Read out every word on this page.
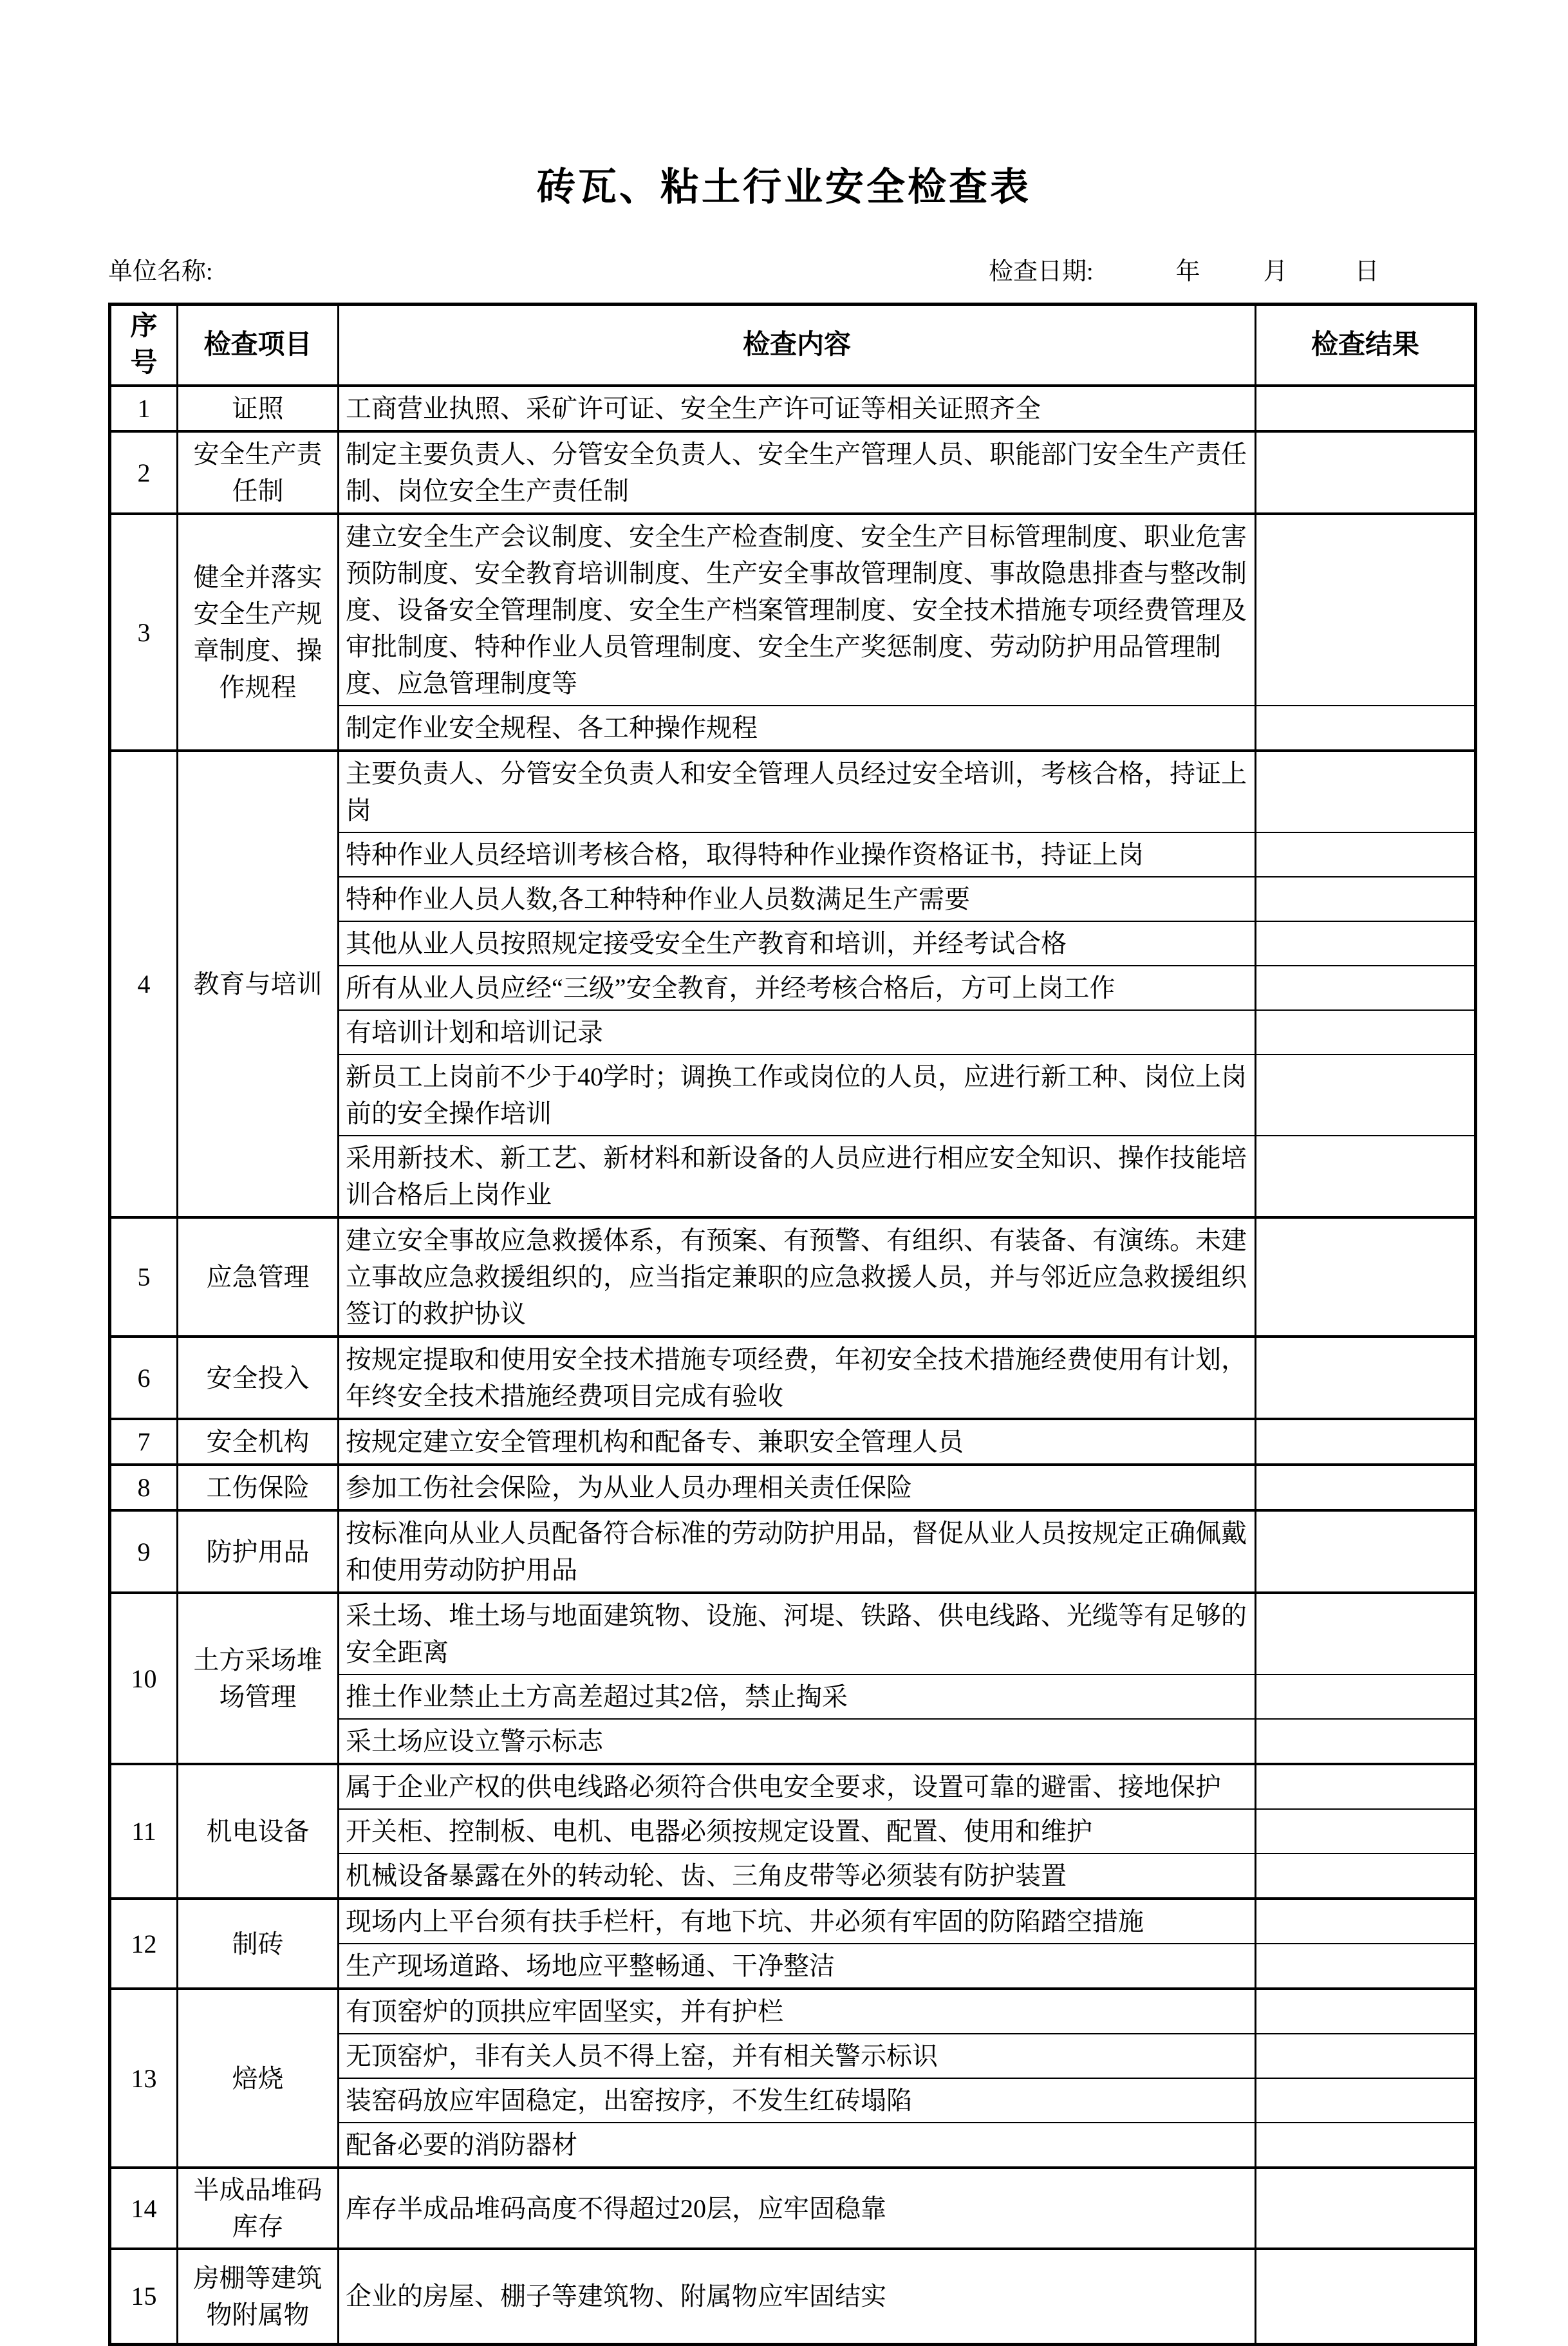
砖瓦、粘土行业安全检查表
单位名称:	检查日期:	年	月	日
序号	检查项目	检查内容	检查结果
1	证照	工商营业执照、采矿许可证、安全生产许可证等相关证照齐全	
2	安全生产责任制	制定主要负责人、分管安全负责人、安全生产管理人员、职能部门安全生产责任制、岗位安全生产责任制	
3	健全并落实安全生产规章制度、操作规程	建立安全生产会议制度、安全生产检查制度、安全生产目标管理制度、职业危害预防制度、安全教育培训制度、生产安全事故管理制度、事故隐患排查与整改制度、设备安全管理制度、安全生产档案管理制度、安全技术措施专项经费管理及审批制度、特种作业人员管理制度、安全生产奖惩制度、劳动防护用品管理制度、应急管理制度等	
		制定作业安全规程、各工种操作规程	
4	教育与培训	主要负责人、分管安全负责人和安全管理人员经过安全培训，考核合格，持证上岗	
		特种作业人员经培训考核合格，取得特种作业操作资格证书，持证上岗	
		特种作业人员人数,各工种特种作业人员数满足生产需要	
		其他从业人员按照规定接受安全生产教育和培训，并经考试合格	
		所有从业人员应经“三级”安全教育，并经考核合格后，方可上岗工作	
		有培训计划和培训记录	
		新员工上岗前不少于40学时；调换工作或岗位的人员，应进行新工种、岗位上岗前的安全操作培训	
		采用新技术、新工艺、新材料和新设备的人员应进行相应安全知识、操作技能培训合格后上岗作业	
5	应急管理	建立安全事故应急救援体系，有预案、有预警、有组织、有装备、有演练。未建立事故应急救援组织的，应当指定兼职的应急救援人员，并与邻近应急救援组织签订的救护协议	
6	安全投入	按规定提取和使用安全技术措施专项经费，年初安全技术措施经费使用有计划，年终安全技术措施经费项目完成有验收	
7	安全机构	按规定建立安全管理机构和配备专、兼职安全管理人员	
8	工伤保险	参加工伤社会保险，为从业人员办理相关责任保险	
9	防护用品	按标准向从业人员配备符合标准的劳动防护用品，督促从业人员按规定正确佩戴和使用劳动防护用品	
10	土方采场堆场管理	采土场、堆土场与地面建筑物、设施、河堤、铁路、供电线路、光缆等有足够的安全距离	
		推土作业禁止土方高差超过其2倍，禁止掏采	
		采土场应设立警示标志	
11	机电设备	属于企业产权的供电线路必须符合供电安全要求，设置可靠的避雷、接地保护	
		开关柜、控制板、电机、电器必须按规定设置、配置、使用和维护	
		机械设备暴露在外的转动轮、齿、三角皮带等必须装有防护装置	
12	制砖	现场内上平台须有扶手栏杆，有地下坑、井必须有牢固的防陷踏空措施	
		生产现场道路、场地应平整畅通、干净整洁	
13	焙烧	有顶窑炉的顶拱应牢固坚实，并有护栏	
		无顶窑炉，非有关人员不得上窑，并有相关警示标识	
		装窑码放应牢固稳定，出窑按序，不发生红砖塌陷	
		配备必要的消防器材	
14	半成品堆码库存	库存半成品堆码高度不得超过20层，应牢固稳靠	
15	房棚等建筑物附属物	企业的房屋、棚子等建筑物、附属物应牢固结实	
